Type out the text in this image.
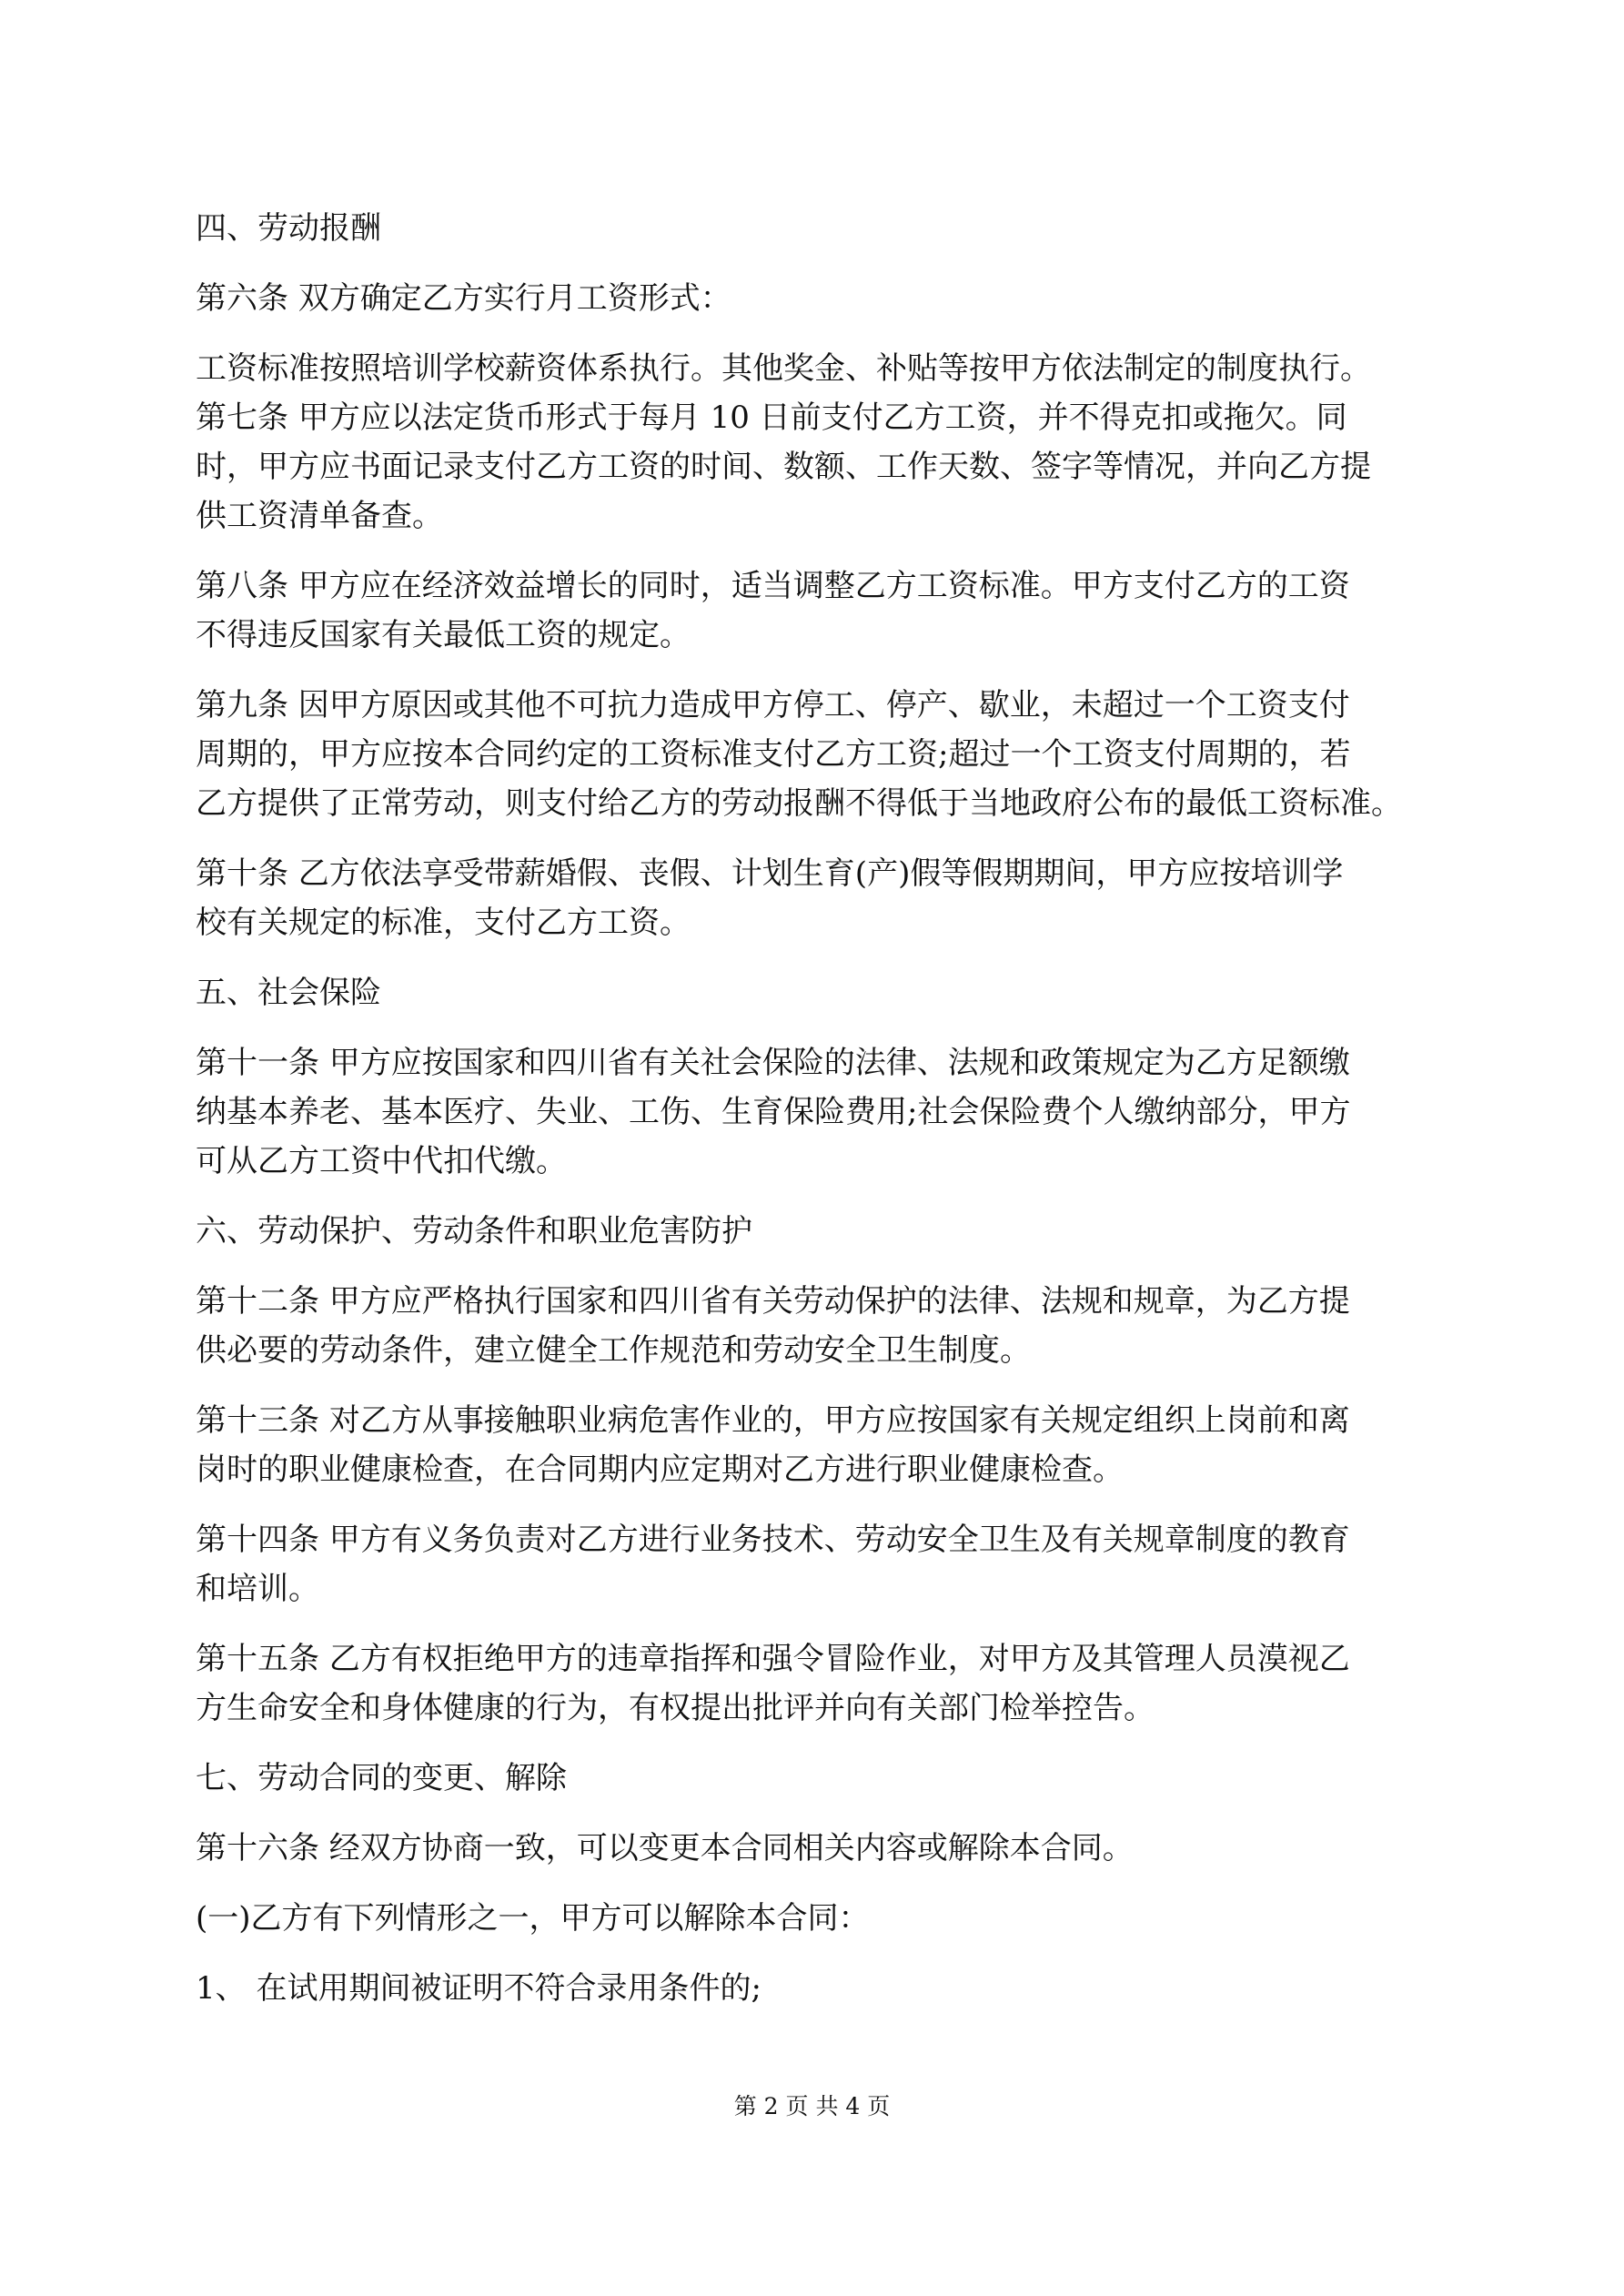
四、劳动报酬
第六条 双方确定乙方实行月工资形式：
工资标准按照培训学校薪资体系执行。其他奖金、补贴等按甲方依法制定的制度执行。
第七条 甲方应以法定货币形式于每月 10 日前支付乙方工资，并不得克扣或拖欠。同
时，甲方应书面记录支付乙方工资的时间、数额、工作天数、签字等情况，并向乙方提
供工资清单备查。
第八条 甲方应在经济效益增长的同时，适当调整乙方工资标准。甲方支付乙方的工资
不得违反国家有关最低工资的规定。
第九条 因甲方原因或其他不可抗力造成甲方停工、停产、歇业，未超过一个工资支付
周期的，甲方应按本合同约定的工资标准支付乙方工资;超过一个工资支付周期的，若
乙方提供了正常劳动，则支付给乙方的劳动报酬不得低于当地政府公布的最低工资标准。
第十条 乙方依法享受带薪婚假、丧假、计划生育(产)假等假期期间，甲方应按培训学
校有关规定的标准，支付乙方工资。
五、社会保险
第十一条 甲方应按国家和四川省有关社会保险的法律、法规和政策规定为乙方足额缴
纳基本养老、基本医疗、失业、工伤、生育保险费用;社会保险费个人缴纳部分，甲方
可从乙方工资中代扣代缴。
六、劳动保护、劳动条件和职业危害防护
第十二条 甲方应严格执行国家和四川省有关劳动保护的法律、法规和规章，为乙方提
供必要的劳动条件，建立健全工作规范和劳动安全卫生制度。
第十三条 对乙方从事接触职业病危害作业的，甲方应按国家有关规定组织上岗前和离
岗时的职业健康检查，在合同期内应定期对乙方进行职业健康检查。
第十四条 甲方有义务负责对乙方进行业务技术、劳动安全卫生及有关规章制度的教育
和培训。
第十五条 乙方有权拒绝甲方的违章指挥和强令冒险作业，对甲方及其管理人员漠视乙
方生命安全和身体健康的行为，有权提出批评并向有关部门检举控告。
七、劳动合同的变更、解除
第十六条 经双方协商一致，可以变更本合同相关内容或解除本合同。
(一)乙方有下列情形之一，甲方可以解除本合同：
1、 在试用期间被证明不符合录用条件的;
第 2 页 共 4 页
